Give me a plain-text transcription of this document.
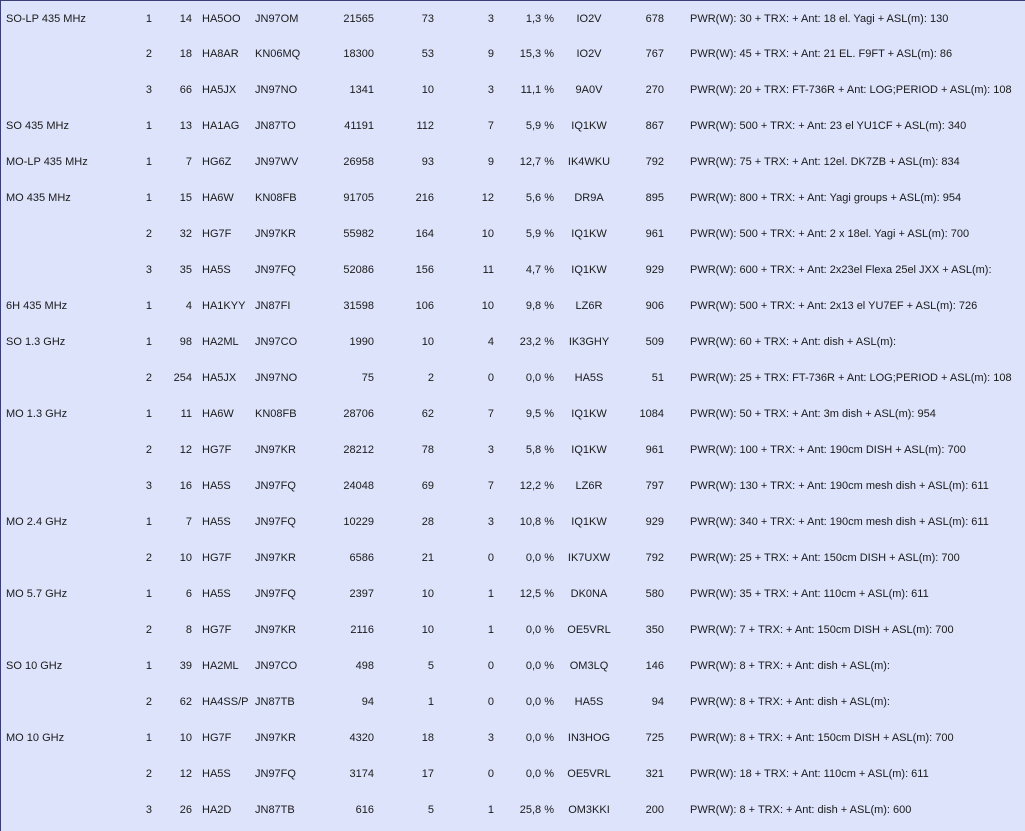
SO-LP 435 MHz	1	14	HA5OO	JN97OM	21565	73	3	1,3 %	IO2V	678	PWR(W): 30 + TRX: + Ant: 18 el. Yagi + ASL(m): 130
	2	18	HA8AR	KN06MQ	18300	53	9	15,3 %	IO2V	767	PWR(W): 45 + TRX: + Ant: 21 EL. F9FT + ASL(m): 86
	3	66	HA5JX	JN97NO	1341	10	3	11,1 %	9A0V	270	PWR(W): 20 + TRX: FT-736R + Ant: LOG;PERIOD + ASL(m): 108
SO 435 MHz	1	13	HA1AG	JN87TO	41191	112	7	5,9 %	IQ1KW	867	PWR(W): 500 + TRX: + Ant: 23 el YU1CF + ASL(m): 340
MO-LP 435 MHz	1	7	HG6Z	JN97WV	26958	93	9	12,7 %	IK4WKU	792	PWR(W): 75 + TRX: + Ant: 12el. DK7ZB + ASL(m): 834
MO 435 MHz	1	15	HA6W	KN08FB	91705	216	12	5,6 %	DR9A	895	PWR(W): 800 + TRX: + Ant: Yagi groups + ASL(m): 954
	2	32	HG7F	JN97KR	55982	164	10	5,9 %	IQ1KW	961	PWR(W): 500 + TRX: + Ant: 2 x 18el. Yagi + ASL(m): 700
	3	35	HA5S	JN97FQ	52086	156	11	4,7 %	IQ1KW	929	PWR(W): 600 + TRX: + Ant: 2x23el Flexa 25el JXX + ASL(m):
6H 435 MHz	1	4	HA1KYY	JN87FI	31598	106	10	9,8 %	LZ6R	906	PWR(W): 500 + TRX: + Ant: 2x13 el YU7EF + ASL(m): 726
SO 1.3 GHz	1	98	HA2ML	JN97CO	1990	10	4	23,2 %	IK3GHY	509	PWR(W): 60 + TRX: + Ant: dish + ASL(m):
	2	254	HA5JX	JN97NO	75	2	0	0,0 %	HA5S	51	PWR(W): 25 + TRX: FT-736R + Ant: LOG;PERIOD + ASL(m): 108
MO 1.3 GHz	1	11	HA6W	KN08FB	28706	62	7	9,5 %	IQ1KW	1084	PWR(W): 50 + TRX: + Ant: 3m dish + ASL(m): 954
	2	12	HG7F	JN97KR	28212	78	3	5,8 %	IQ1KW	961	PWR(W): 100 + TRX: + Ant: 190cm DISH + ASL(m): 700
	3	16	HA5S	JN97FQ	24048	69	7	12,2 %	LZ6R	797	PWR(W): 130 + TRX: + Ant: 190cm mesh dish + ASL(m): 611
MO 2.4 GHz	1	7	HA5S	JN97FQ	10229	28	3	10,8 %	IQ1KW	929	PWR(W): 340 + TRX: + Ant: 190cm mesh dish + ASL(m): 611
	2	10	HG7F	JN97KR	6586	21	0	0,0 %	IK7UXW	792	PWR(W): 25 + TRX: + Ant: 150cm DISH + ASL(m): 700
MO 5.7 GHz	1	6	HA5S	JN97FQ	2397	10	1	12,5 %	DK0NA	580	PWR(W): 35 + TRX: + Ant: 110cm + ASL(m): 611
	2	8	HG7F	JN97KR	2116	10	1	0,0 %	OE5VRL	350	PWR(W): 7 + TRX: + Ant: 150cm DISH + ASL(m): 700
SO 10 GHz	1	39	HA2ML	JN97CO	498	5	0	0,0 %	OM3LQ	146	PWR(W): 8 + TRX: + Ant: dish + ASL(m):
	2	62	HA4SS/P	JN87TB	94	1	0	0,0 %	HA5S	94	PWR(W): 8 + TRX: + Ant: dish + ASL(m):
MO 10 GHz	1	10	HG7F	JN97KR	4320	18	3	0,0 %	IN3HOG	725	PWR(W): 8 + TRX: + Ant: 150cm DISH + ASL(m): 700
	2	12	HA5S	JN97FQ	3174	17	0	0,0 %	OE5VRL	321	PWR(W): 18 + TRX: + Ant: 110cm + ASL(m): 611
	3	26	HA2D	JN87TB	616	5	1	25,8 %	OM3KKI	200	PWR(W): 8 + TRX: + Ant: dish + ASL(m): 600
